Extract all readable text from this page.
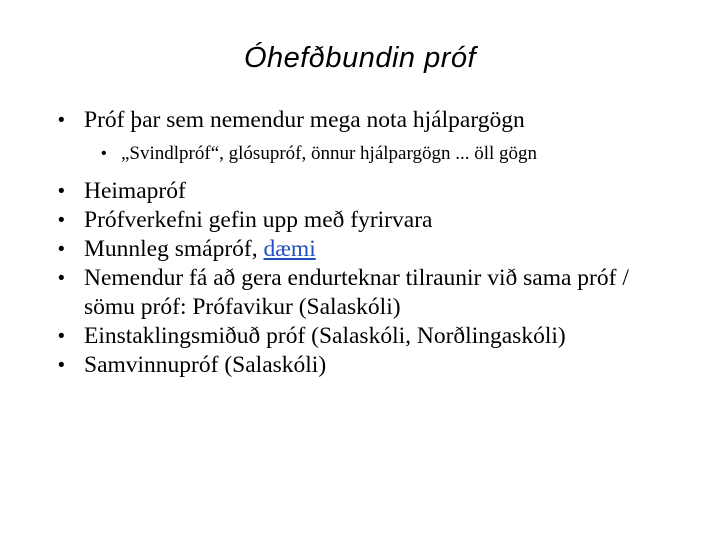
Óhefðbundin próf
• Próf þar sem nemendur mega nota hjálpargögn
• „Svindlpróf“, glósupróf, önnur hjálpargögn ... öll gögn
• Heimapróf
• Prófverkefni gefin upp með fyrirvara
• Munnleg smápróf, dæmi
• Nemendur fá að gera endurteknar tilraunir við sama próf / sömu próf: Prófavikur (Salaskóli)
• Einstaklingsmiðuð próf (Salaskóli, Norðlingaskóli)
• Samvinnupróf (Salaskóli)
